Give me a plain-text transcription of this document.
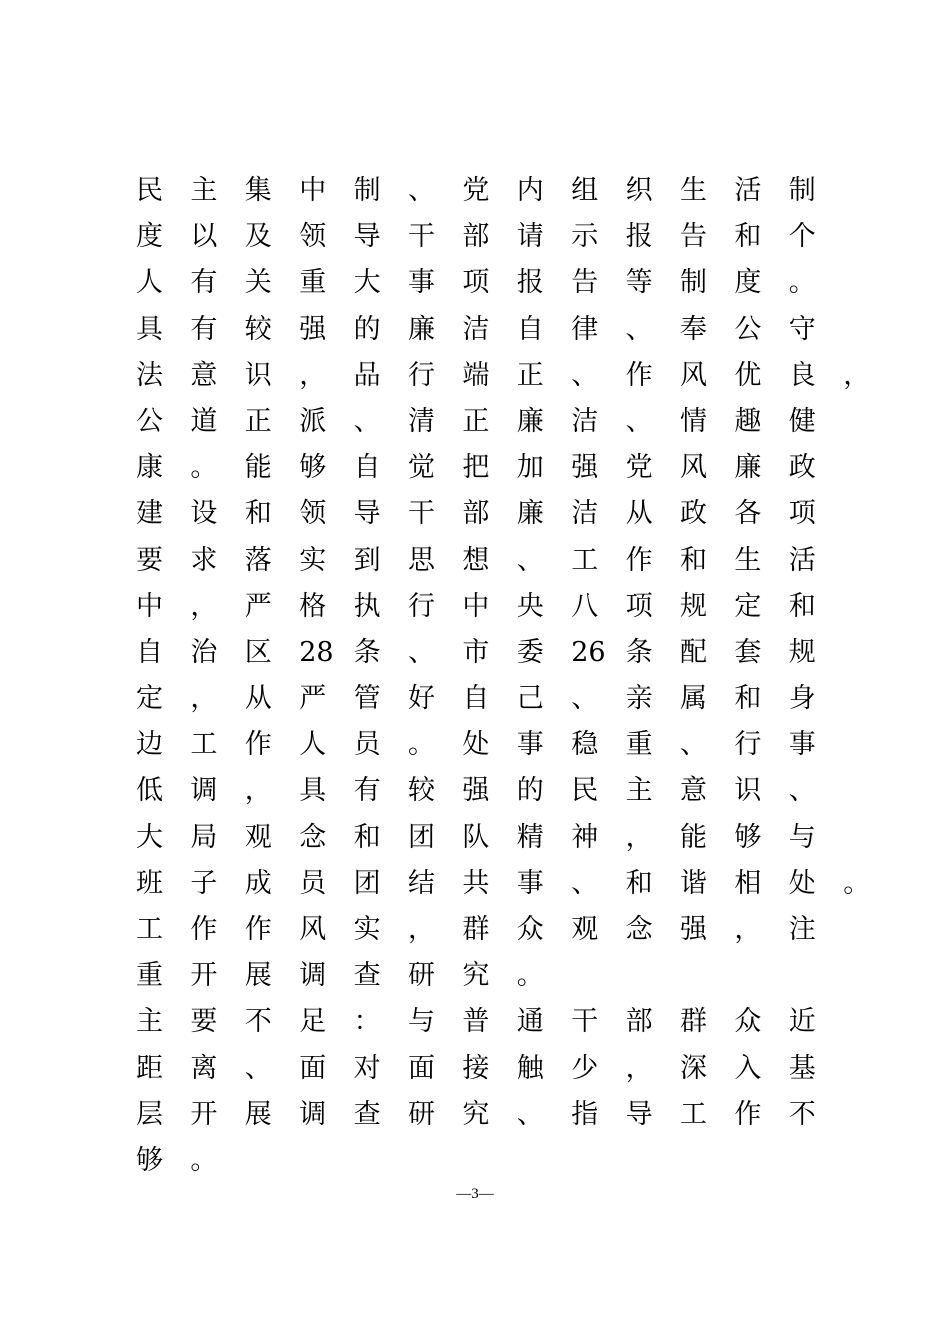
民	主	集	中	制	、	党	内	组	织	生	活	制
度	以	及	领	导	干	部	请	示	报	告	和	个
人	有	关	重	大	事	项	报	告	等	制	度	。
具	有	较	强	的	廉	洁	自	律	、	奉	公	守
法	意	识	，	品	行	端	正	、	作	风	优	良	，
公	道	正	派	、	清	正	廉	洁	、	情	趣	健
康	。	能	够	自	觉	把	加	强	党	风	廉	政
建	设	和	领	导	干	部	廉	洁	从	政	各	项
要	求	落	实	到	思	想	、	工	作	和	生	活
中	，	严	格	执	行	中	央	八	项	规	定	和
自	治	区	28 条	、	市	委	26 条	配	套	规
定	，	从	严	管	好	自	己	、	亲	属	和	身
边	工	作	人	员	。	处	事	稳	重	、	行	事
低	调	，	具	有	较	强	的	民	主	意	识	、
大	局	观	念	和	团	队	精	神	，	能	够	与
班	子	成	员	团	结	共	事	、	和	谐	相	处	。
工	作	作	风	实	，	群	众	观	念	强	，	注
重	开	展	调	查	研	究	。
主	要	不	足	：	与	普	通	干	部	群	众	近
距	离	、	面	对	面	接	触	少	，	深	入	基
层	开	展	调	查	研	究	、	指	导	工	作	不
够	。
—3—
